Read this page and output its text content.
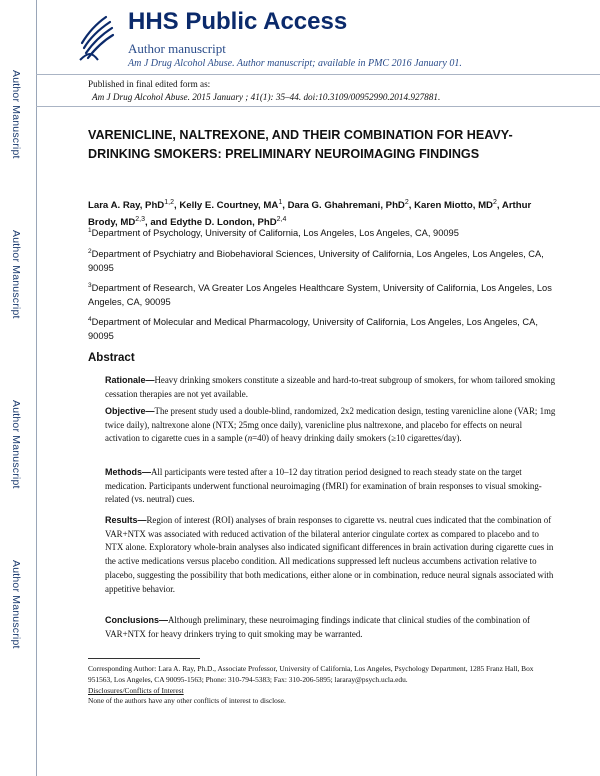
Author Manuscript
Author Manuscript
Author Manuscript
Author Manuscript
HHS Public Access
Author manuscript
Am J Drug Alcohol Abuse. Author manuscript; available in PMC 2016 January 01.
Published in final edited form as:
Am J Drug Alcohol Abuse. 2015 January ; 41(1): 35–44. doi:10.3109/00952990.2014.927881.
VARENICLINE, NALTREXONE, AND THEIR COMBINATION FOR HEAVY-DRINKING SMOKERS: PRELIMINARY NEUROIMAGING FINDINGS
Lara A. Ray, PhD$^{1,2}$, Kelly E. Courtney, $MA^1$, Dara G. Ghahremani, PhD$^2$, Karen Miotto, $MD^2$, Arthur Brody, MD$^{2,3}$, and Edythe D. London, PhD$^{2,4}$
$^1$Department of Psychology, University of California, Los Angeles, Los Angeles, CA, 90095
$^2$Department of Psychiatry and Biobehavioral Sciences, University of California, Los Angeles, Los Angeles, CA, 90095
$^3$Department of Research, VA Greater Los Angeles Healthcare System, University of California, Los Angeles, Los Angeles, CA, 90095
$^4$Department of Molecular and Medical Pharmacology, University of California, Los Angeles, Los Angeles, CA, 90095
Abstract
Rationale—Heavy drinking smokers constitute a sizeable and hard-to-treat subgroup of smokers, for whom tailored smoking cessation therapies are not yet available.
Objective—The present study used a double-blind, randomized, 2x2 medication design, testing varenicline alone (VAR; 1mg twice daily), naltrexone alone (NTX; 25mg once daily), varenicline plus naltrexone, and placebo for effects on neural activation to cigarette cues in a sample (n=40) of heavy drinking daily smokers (≥10 cigarettes/day).
Methods—All participants were tested after a 10–12 day titration period designed to reach steady state on the target medication. Participants underwent functional neuroimaging (fMRI) for examination of brain responses to visual smoking-related (vs. neutral) cues.
Results—Region of interest (ROI) analyses of brain responses to cigarette vs. neutral cues indicated that the combination of VAR+NTX was associated with reduced activation of the bilateral anterior cingulate cortex as compared to placebo and to NTX alone. Exploratory whole-brain analyses also indicated significant differences in brain activation during cigarette cues in the active medications versus placebo condition. All medications suppressed left nucleus accumbens activation relative to placebo, suggesting the possibility that both medications, either alone or in combination, reduce neural signals associated with appetitive behavior.
Conclusions—Although preliminary, these neuroimaging findings indicate that clinical studies of the combination of VAR+NTX for heavy drinkers trying to quit smoking may be warranted.
Corresponding Author: Lara A. Ray, Ph.D., Associate Professor, University of California, Los Angeles, Psychology Department, 1285 Franz Hall, Box 951563, Los Angeles, CA 90095-1563; Phone: 310-794-5383; Fax: 310-206-5895; lararay@psych.ucla.edu.
Disclosures/Conflicts of Interest
None of the authors have any other conflicts of interest to disclose.
